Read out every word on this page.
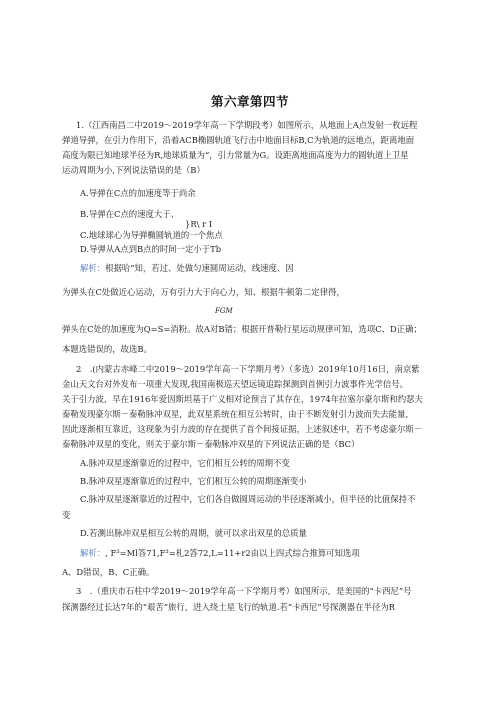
第六章第四节
1.（江西南昌二中2019～2019学年高一下学期段考）如图所示，从地面上A点发射一枚远程
弹道导弹，在引力作用下，沿着ACB椭圆轨道飞行击中地面目标B,C为轨道的远地点，距离地面
高度为限已知地球半径为R,地球质量为“，引力常量为G。设距离地面高度为力的圆轨道上卫星
运动周期为小,下列说法错误的是（B）
A.导弹在C点的加速度等于尚余
B.导弹在C点的速度大于、
}R\ r I
C.地球球心为导弹椭圆轨道的一个焦点
D.导弹从A点到B点的时间一定小于Tb
解析：根据哈”知，若过、处做匀速圆周运动，线速度、因
为弹头在C处做近心运动，万有引力大于向心力，知、根据牛顿第二定律得，
FGM
弹头在C处的加速度为Q=S=消粉。故A对B错；根据开普勒行星运动规律可知，选项C、D正确；
本题选错误的，故选B。
2　.(内蒙古赤峰二中2019～2019学年高一下学期月考）（多选）2019年10月16日，南京紫
金山天文台对外发布一项重大发现,我国南极巡天望远镜追踪探测到首例引力波事件光学信号。
关于引力波，早在1916年爱因斯坦基于广义相对论预言了其存在，1974年拉塞尔豪尔斯和约瑟夫
泰勒发现豪尔斯－泰勒脉冲双星，此双星系统在相互公转时，由于不断发射引力波而失去能量，
因此逐渐相互靠近，这现象为引力波的存在提供了首个间接证据，上述叙述中，若不考虑豪尔斯－
泰勒脉冲双星的变化，则关于豪尔斯－泰勒脉冲双星的下列说法正确的是（BC）
A.脉冲双星逐渐靠近的过程中，它们相互公转的周期不变
B.脉冲双星逐渐靠近的过程中，它们相互公转的周期逐渐变小
C.脉冲双星逐渐靠近的过程中，它们各自做圆周运动的半径逐渐减小，但半径的比值保持不
变
D.若测出脉冲双星相互公转的周期，就可以求出双星的总质量
解析：, F³=Ml答71,F³=札2答72,L=11+r2由以上四式综合推算可知选项
A、D错误，B、C正确。
3　.（重庆市石柱中学2019～2019学年高一下学期月考）如图所示，是美国的“卡西尼”号
探测器经过长达7年的“艰苦”旅行，进入绕土星飞行的轨道.若“卡西尼”号探测器在半径为R
